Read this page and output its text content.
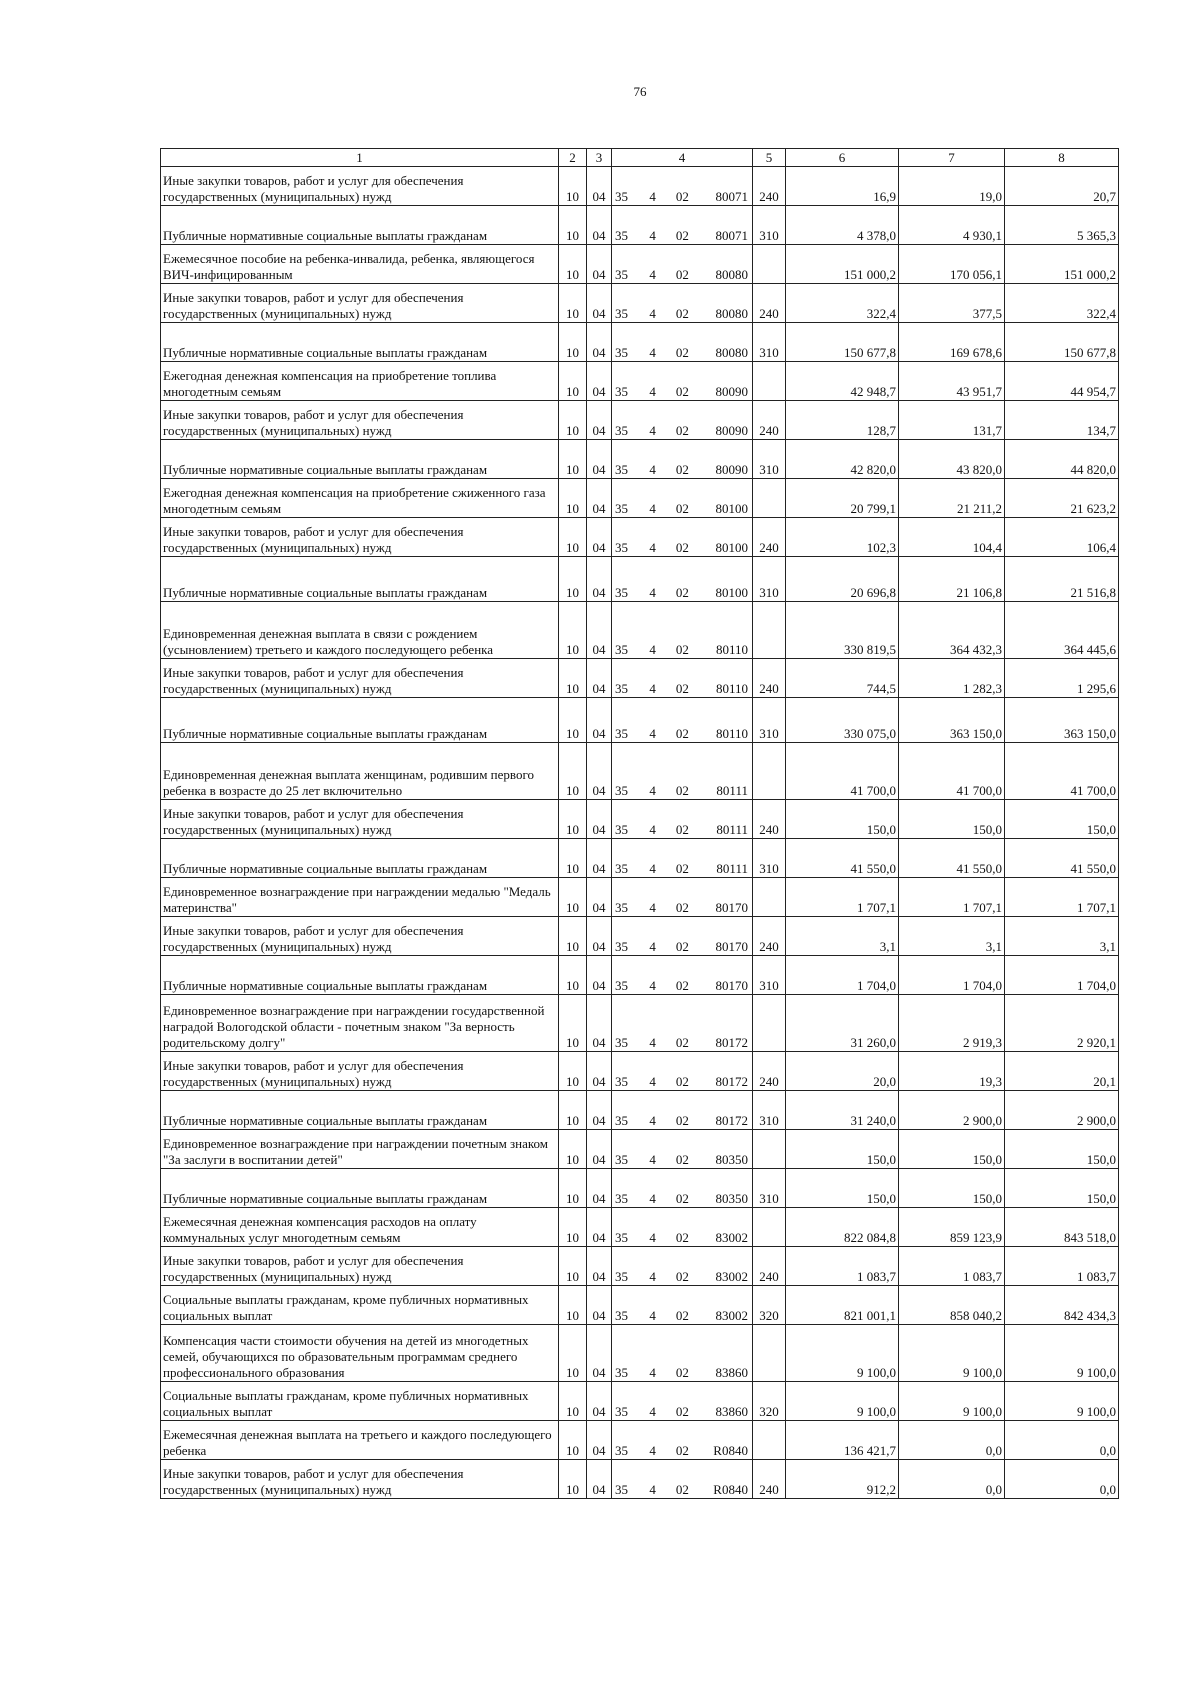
76
1	2	3	4	5	6	7	8
Иные закупки товаров, работ и услуг для обеспечения государственных (муниципальных) нужд	10	04	35 4 02 80071	240	16,9	19,0	20,7
Публичные нормативные социальные выплаты гражданам	10	04	35 4 02 80071	310	4 378,0	4 930,1	5 365,3
Ежемесячное пособие на ребенка-инвалида, ребенка, являющегося ВИЧ-инфицированным	10	04	35 4 02 80080		151 000,2	170 056,1	151 000,2
Иные закупки товаров, работ и услуг для обеспечения государственных (муниципальных) нужд	10	04	35 4 02 80080	240	322,4	377,5	322,4
Публичные нормативные социальные выплаты гражданам	10	04	35 4 02 80080	310	150 677,8	169 678,6	150 677,8
Ежегодная денежная компенсация на приобретение топлива многодетным семьям	10	04	35 4 02 80090		42 948,7	43 951,7	44 954,7
Иные закупки товаров, работ и услуг для обеспечения государственных (муниципальных) нужд	10	04	35 4 02 80090	240	128,7	131,7	134,7
Публичные нормативные социальные выплаты гражданам	10	04	35 4 02 80090	310	42 820,0	43 820,0	44 820,0
Ежегодная денежная компенсация на приобретение сжиженного газа многодетным семьям	10	04	35 4 02 80100		20 799,1	21 211,2	21 623,2
Иные закупки товаров, работ и услуг для обеспечения государственных (муниципальных) нужд	10	04	35 4 02 80100	240	102,3	104,4	106,4
Публичные нормативные социальные выплаты гражданам	10	04	35 4 02 80100	310	20 696,8	21 106,8	21 516,8
Единовременная денежная выплата в связи с рождением (усыновлением) третьего и каждого последующего ребенка	10	04	35 4 02 80110		330 819,5	364 432,3	364 445,6
Иные закупки товаров, работ и услуг для обеспечения государственных (муниципальных) нужд	10	04	35 4 02 80110	240	744,5	1 282,3	1 295,6
Публичные нормативные социальные выплаты гражданам	10	04	35 4 02 80110	310	330 075,0	363 150,0	363 150,0
Единовременная денежная выплата женщинам, родившим первого ребенка в возрасте до 25 лет включительно	10	04	35 4 02 80111		41 700,0	41 700,0	41 700,0
Иные закупки товаров, работ и услуг для обеспечения государственных (муниципальных) нужд	10	04	35 4 02 80111	240	150,0	150,0	150,0
Публичные нормативные социальные выплаты гражданам	10	04	35 4 02 80111	310	41 550,0	41 550,0	41 550,0
Единовременное вознаграждение при награждении медалью "Медаль материнства"	10	04	35 4 02 80170		1 707,1	1 707,1	1 707,1
Иные закупки товаров, работ и услуг для обеспечения государственных (муниципальных) нужд	10	04	35 4 02 80170	240	3,1	3,1	3,1
Публичные нормативные социальные выплаты гражданам	10	04	35 4 02 80170	310	1 704,0	1 704,0	1 704,0
Единовременное вознаграждение при награждении государственной наградой Вологодской области - почетным знаком "За верность родительскому долгу"	10	04	35 4 02 80172		31 260,0	2 919,3	2 920,1
Иные закупки товаров, работ и услуг для обеспечения государственных (муниципальных) нужд	10	04	35 4 02 80172	240	20,0	19,3	20,1
Публичные нормативные социальные выплаты гражданам	10	04	35 4 02 80172	310	31 240,0	2 900,0	2 900,0
Единовременное вознаграждение при награждении почетным знаком "За заслуги в воспитании детей"	10	04	35 4 02 80350		150,0	150,0	150,0
Публичные нормативные социальные выплаты гражданам	10	04	35 4 02 80350	310	150,0	150,0	150,0
Ежемесячная денежная компенсация расходов на оплату коммунальных услуг многодетным семьям	10	04	35 4 02 83002		822 084,8	859 123,9	843 518,0
Иные закупки товаров, работ и услуг для обеспечения государственных (муниципальных) нужд	10	04	35 4 02 83002	240	1 083,7	1 083,7	1 083,7
Социальные выплаты гражданам, кроме публичных нормативных социальных выплат	10	04	35 4 02 83002	320	821 001,1	858 040,2	842 434,3
Компенсация части стоимости обучения на детей из многодетных семей, обучающихся по образовательным программам среднего профессионального образования	10	04	35 4 02 83860		9 100,0	9 100,0	9 100,0
Социальные выплаты гражданам, кроме публичных нормативных социальных выплат	10	04	35 4 02 83860	320	9 100,0	9 100,0	9 100,0
Ежемесячная денежная выплата на третьего и каждого последующего ребенка	10	04	35 4 02 R0840		136 421,7	0,0	0,0
Иные закупки товаров, работ и услуг для обеспечения государственных (муниципальных) нужд	10	04	35 4 02 R0840	240	912,2	0,0	0,0
